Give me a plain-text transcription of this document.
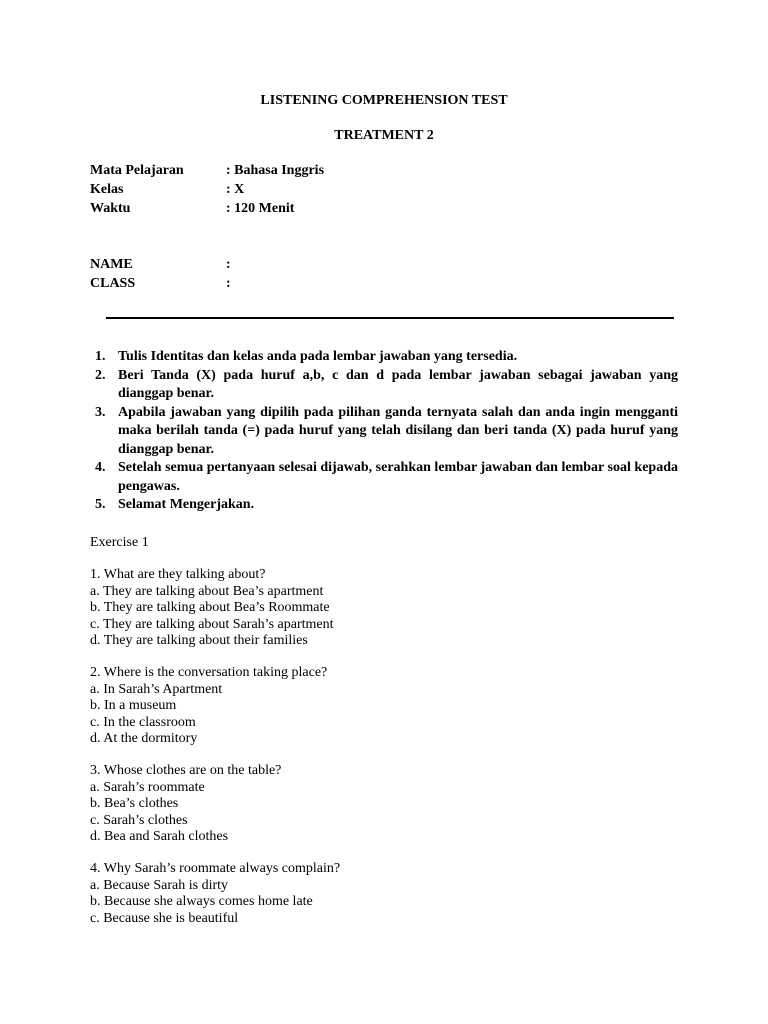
LISTENING COMPREHENSION TEST
TREATMENT 2
Mata Pelajaran	: Bahasa Inggris
Kelas	: X
Waktu	: 120 Menit
NAME	:
CLASS	:
1. Tulis Identitas dan kelas anda pada lembar jawaban yang tersedia.
2. Beri Tanda (X) pada huruf a,b, c dan d pada lembar jawaban sebagai jawaban yang dianggap benar.
3. Apabila jawaban yang dipilih pada pilihan ganda ternyata salah dan anda ingin mengganti maka berilah tanda (=) pada huruf yang telah disilang dan beri tanda (X) pada huruf yang dianggap benar.
4. Setelah semua pertanyaan selesai dijawab, serahkan lembar jawaban dan lembar soal kepada pengawas.
5. Selamat Mengerjakan.
Exercise 1
1. What are they talking about?
a. They are talking about Bea’s apartment
b. They are talking about Bea’s Roommate
c. They are talking about Sarah’s apartment
d. They are talking about their families
2. Where is the conversation taking place?
a. In Sarah’s Apartment
b. In a museum
c. In the classroom
d. At the dormitory
3. Whose clothes are on the table?
a. Sarah’s roommate
b. Bea’s clothes
c. Sarah’s clothes
d. Bea and Sarah clothes
4. Why Sarah’s roommate always complain?
a. Because Sarah is dirty
b. Because she always comes home late
c. Because she is beautiful
